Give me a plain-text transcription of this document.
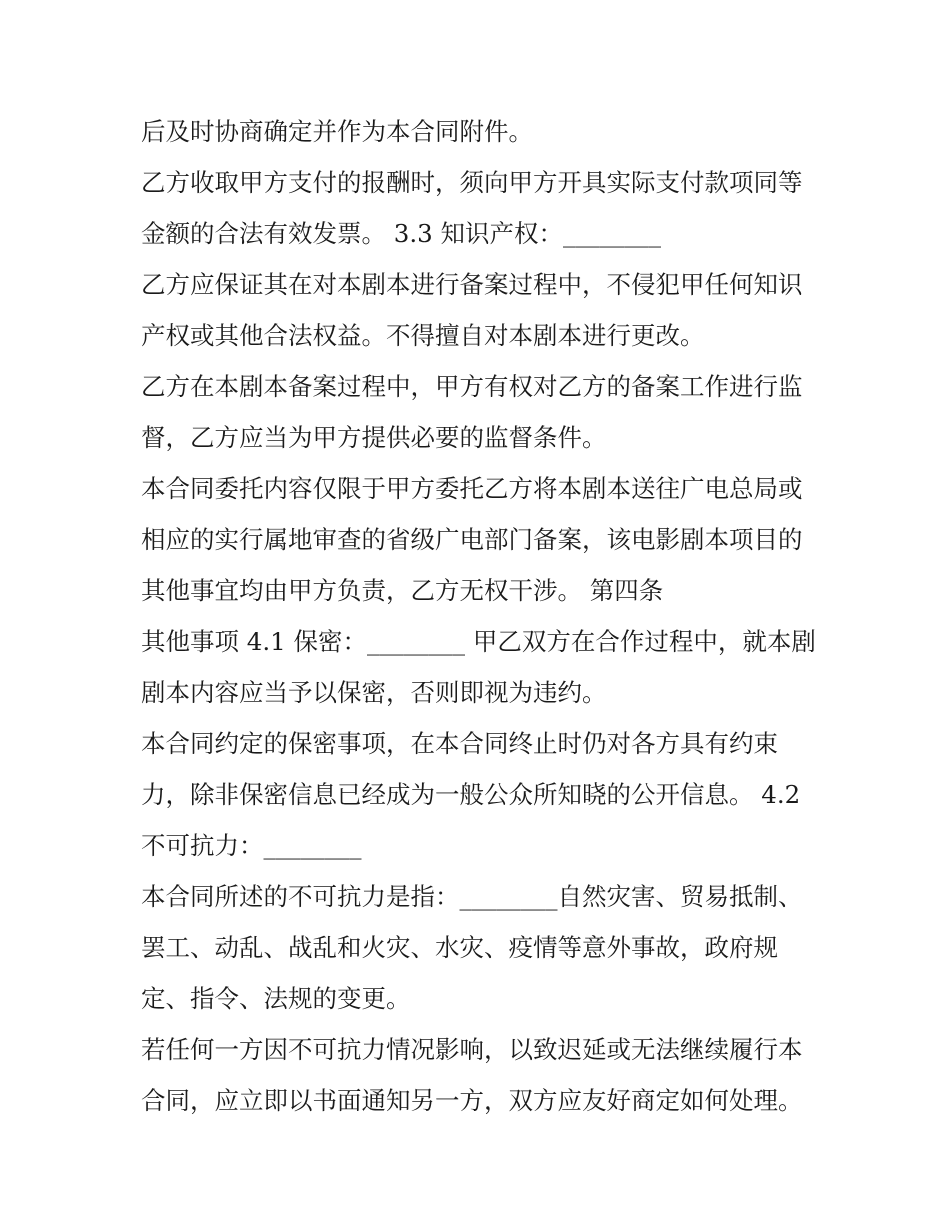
后及时协商确定并作为本合同附件。
乙方收取甲方支付的报酬时，须向甲方开具实际支付款项同等
金额的合法有效发票。 3.3 知识产权：________
乙方应保证其在对本剧本进行备案过程中，不侵犯甲任何知识
产权或其他合法权益。不得擅自对本剧本进行更改。
乙方在本剧本备案过程中，甲方有权对乙方的备案工作进行监
督，乙方应当为甲方提供必要的监督条件。
本合同委托内容仅限于甲方委托乙方将本剧本送往广电总局或
相应的实行属地审查的省级广电部门备案，该电影剧本项目的
其他事宜均由甲方负责，乙方无权干涉。 第四条
其他事项 4.1 保密：________ 甲乙双方在合作过程中，就本剧
剧本内容应当予以保密，否则即视为违约。
本合同约定的保密事项，在本合同终止时仍对各方具有约束
力，除非保密信息已经成为一般公众所知晓的公开信息。 4.2
不可抗力：________
本合同所述的不可抗力是指：________自然灾害、贸易抵制、
罢工、动乱、战乱和火灾、水灾、疫情等意外事故，政府规
定、指令、法规的变更。
若任何一方因不可抗力情况影响，以致迟延或无法继续履行本
合同，应立即以书面通知另一方，双方应友好商定如何处理。
